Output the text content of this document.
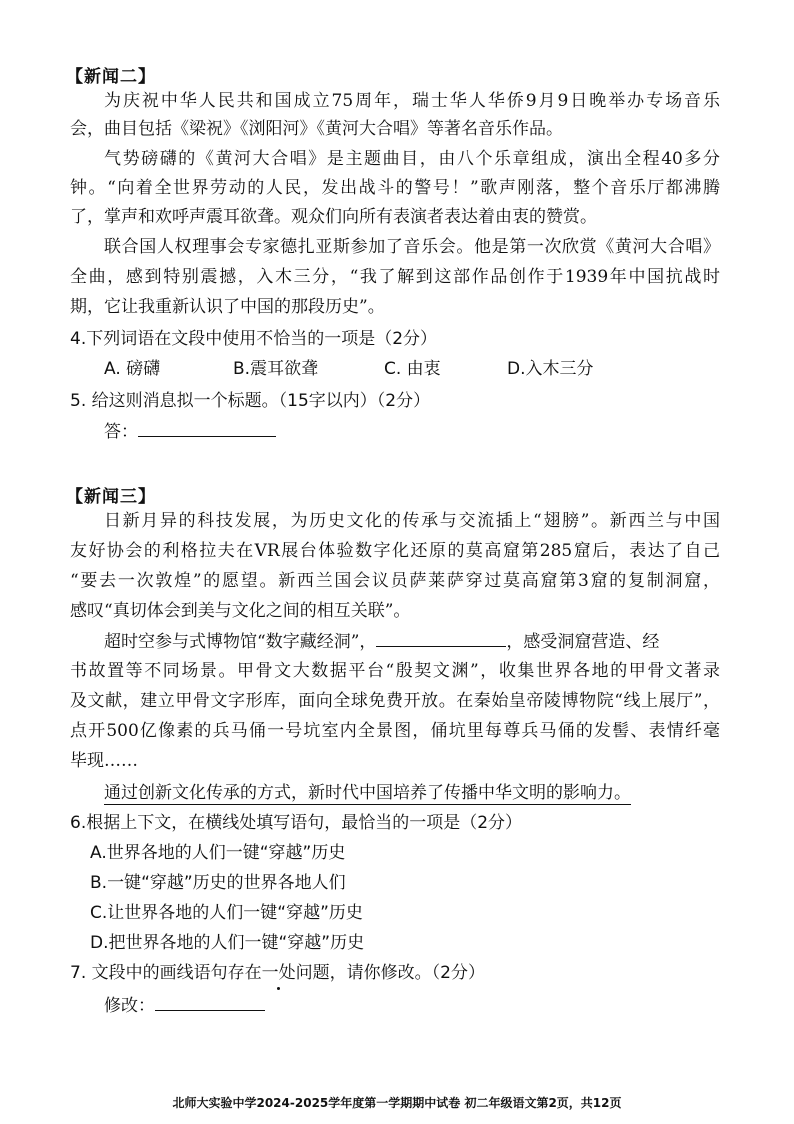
【新闻二】
为庆祝中华人民共和国成立75周年，瑞士华人华侨9月9日晚举办专场音乐
会，曲目包括《梁祝》《浏阳河》《黄河大合唱》等著名音乐作品。
气势磅礴的《黄河大合唱》是主题曲目，由八个乐章组成，演出全程40多分
钟。“向着全世界劳动的人民，发出战斗的警号！”歌声刚落，整个音乐厅都沸腾
了，掌声和欢呼声震耳欲聋。观众们向所有表演者表达着由衷的赞赏。
联合国人权理事会专家德扎亚斯参加了音乐会。他是第一次欣赏《黄河大合唱》
全曲，感到特别震撼，入木三分，“我了解到这部作品创作于1939年中国抗战时
期，它让我重新认识了中国的那段历史”。
4.下列词语在文段中使用不恰当的一项是（2分）
A. 磅礴	B.震耳欲聋	C. 由衷	D.入木三分
5. 给这则消息拟一个标题。（15字以内）（2分）
答：
【新闻三】
日新月异的科技发展，为历史文化的传承与交流插上“翅膀”。新西兰与中国
友好协会的利格拉夫在VR展台体验数字化还原的莫高窟第285窟后，表达了自己
“要去一次敦煌”的愿望。新西兰国会议员萨莱萨穿过莫高窟第3窟的复制洞窟，
感叹“真切体会到美与文化之间的相互关联”。
超时空参与式博物馆“数字藏经洞”，	，感受洞窟营造、经
书故置等不同场景。甲骨文大数据平台“殷契文渊”，收集世界各地的甲骨文著录
及文献，建立甲骨文字形库，面向全球免费开放。在秦始皇帝陵博物院“线上展厅”，
点开500亿像素的兵马俑一号坑室内全景图，俑坑里每尊兵马俑的发髻、表情纤毫
毕现……
通过创新文化传承的方式，新时代中国培养了传播中华文明的影响力。
6.根据上下文，在横线处填写语句，最恰当的一项是（2分）
A.世界各地的人们一键“穿越”历史
B.一键“穿越”历史的世界各地人们
C.让世界各地的人们一键“穿越”历史
D.把世界各地的人们一键“穿越”历史
7. 文段中的画线语句存在一处问题，请你修改。（2分）
修改：
北师大实验中学2024-2025学年度第一学期期中试卷 初二年级语文第2页，共12页
